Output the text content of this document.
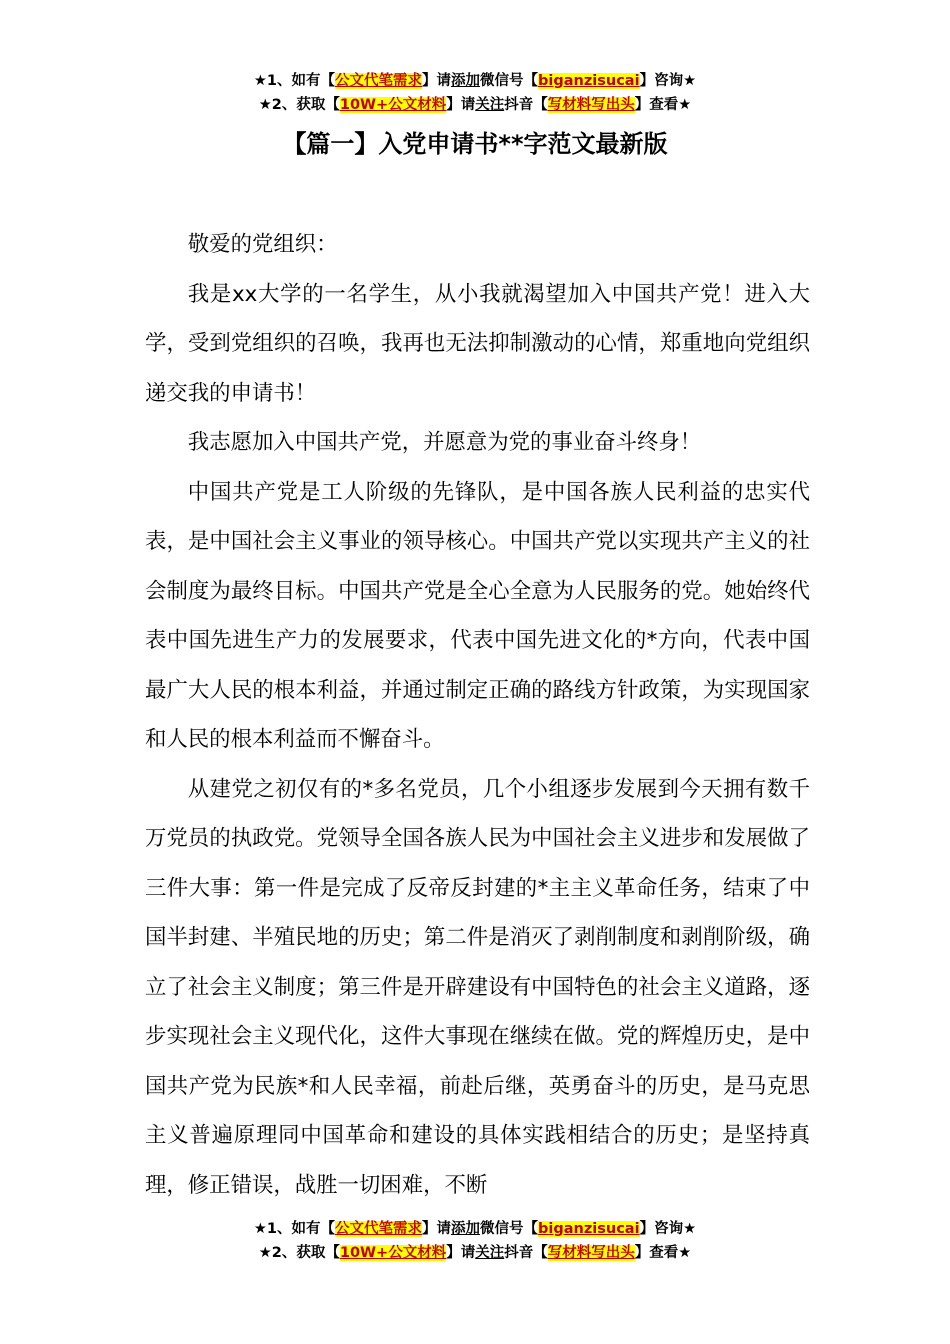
★1、如有【公文代笔需求】请添加微信号【biganzisucai】咨询★
★2、获取【10W+公文材料】请关注抖音【写材料写出头】查看★
【篇一】入党申请书**字范文最新版

敬爱的党组织：

我是xx大学的一名学生，从小我就渴望加入中国共产党！进入大学，受到党组织的召唤，我再也无法抑制激动的心情，郑重地向党组织递交我的申请书！

我志愿加入中国共产党，并愿意为党的事业奋斗终身！

中国共产党是工人阶级的先锋队，是中国各族人民利益的忠实代表，是中国社会主义事业的领导核心。中国共产党以实现共产主义的社会制度为最终目标。中国共产党是全心全意为人民服务的党。她始终代表中国先进生产力的发展要求，代表中国先进文化的*方向，代表中国最广大人民的根本利益，并通过制定正确的路线方针政策，为实现国家和人民的根本利益而不懈奋斗。

从建党之初仅有的*多名党员，几个小组逐步发展到今天拥有数千万党员的执政党。党领导全国各族人民为中国社会主义进步和发展做了三件大事：第一件是完成了反帝反封建的*主主义革命任务，结束了中国半封建、半殖民地的历史；第二件是消灭了剥削制度和剥削阶级，确立了社会主义制度；第三件是开辟建设有中国特色的社会主义道路，逐步实现社会主义现代化，这件大事现在继续在做。党的辉煌历史，是中国共产党为民族*和人民幸福，前赴后继，英勇奋斗的历史，是马克思主义普遍原理同中国革命和建设的具体实践相结合的历史；是坚持真理，修正错误，战胜一切困难，不断

★1、如有【公文代笔需求】请添加微信号【biganzisucai】咨询★
★2、获取【10W+公文材料】请关注抖音【写材料写出头】查看★
